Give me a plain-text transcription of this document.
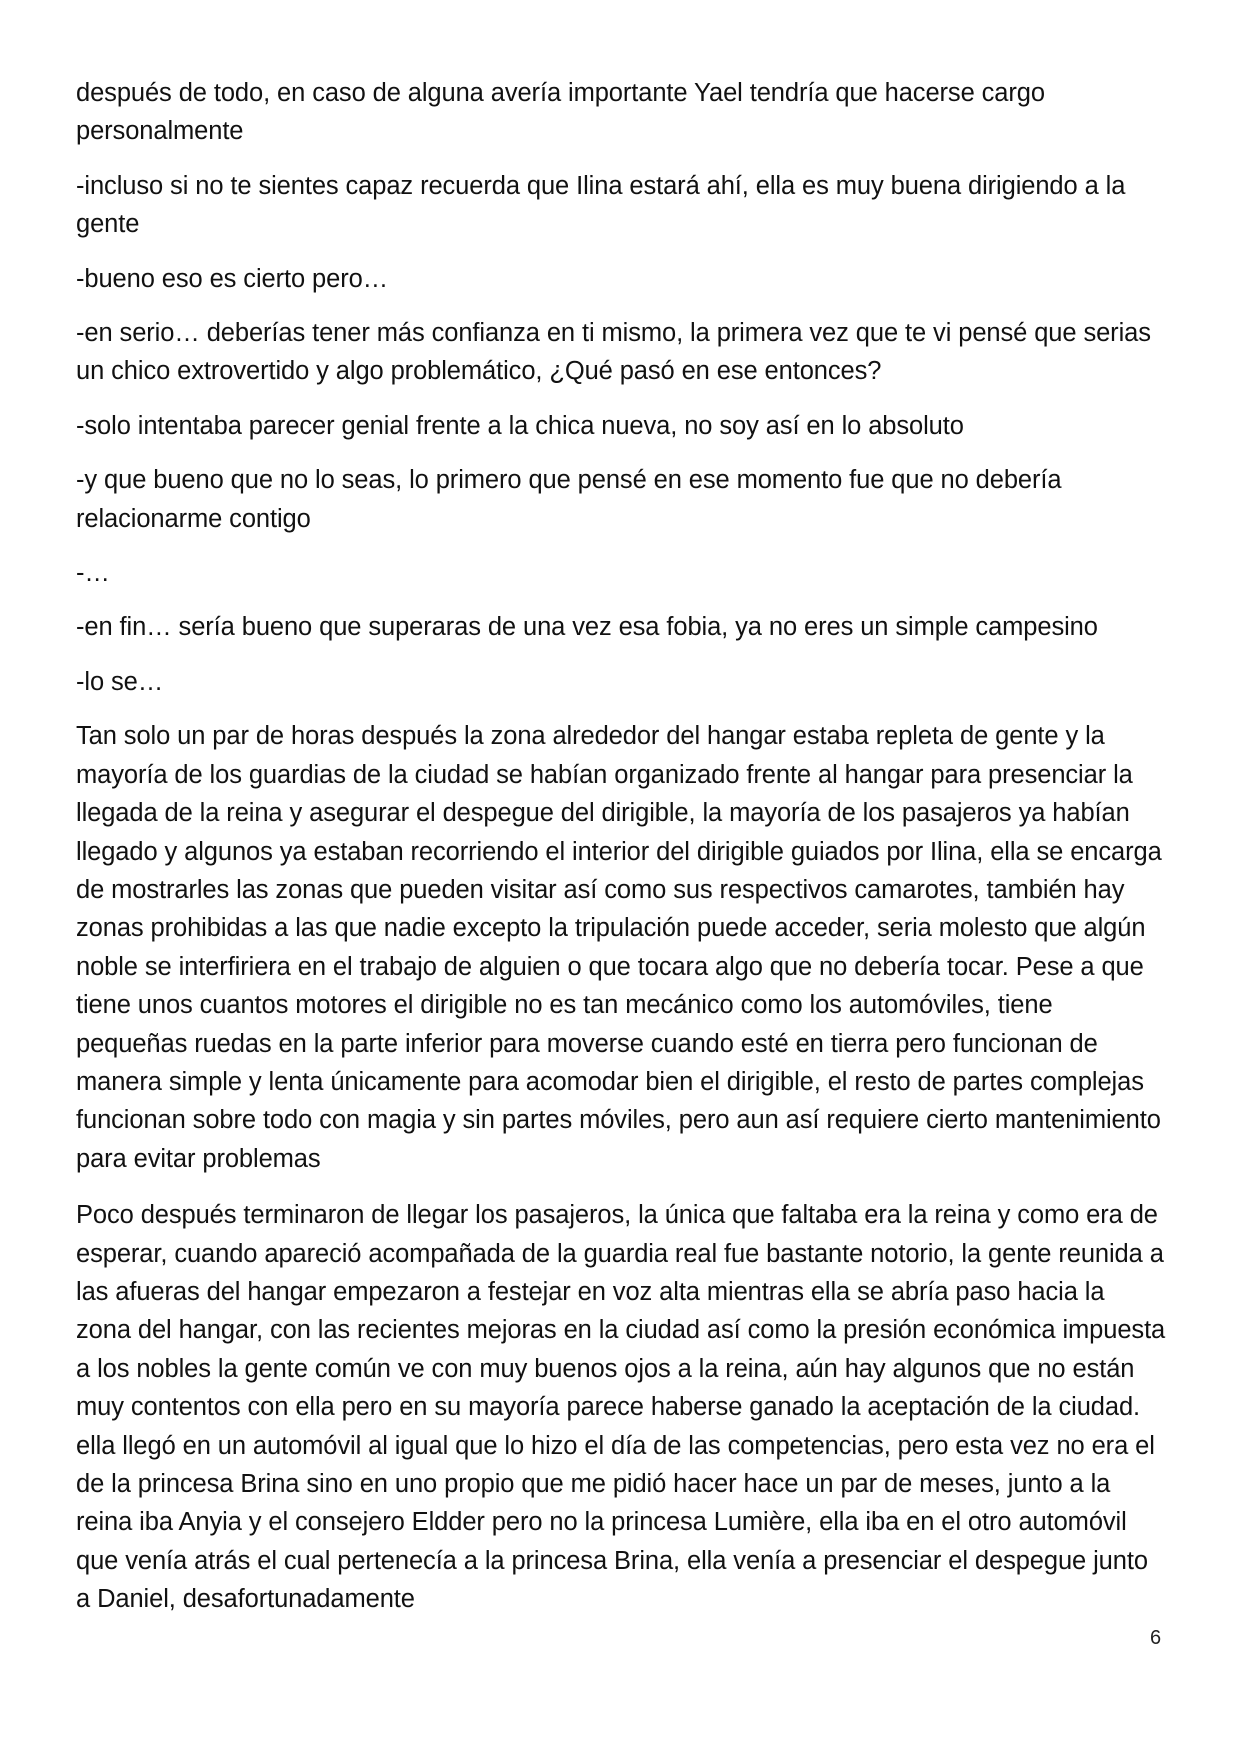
después de todo, en caso de alguna avería importante Yael tendría que hacerse cargo personalmente

-incluso si no te sientes capaz recuerda que Ilina estará ahí, ella es muy buena dirigiendo a la gente

-bueno eso es cierto pero…

-en serio… deberías tener más confianza en ti mismo, la primera vez que te vi pensé que serias un chico extrovertido y algo problemático, ¿Qué pasó en ese entonces?

-solo intentaba parecer genial frente a la chica nueva, no soy así en lo absoluto

-y que bueno que no lo seas, lo primero que pensé en ese momento fue que no debería relacionarme contigo

-…

-en fin… sería bueno que superaras de una vez esa fobia, ya no eres un simple campesino

-lo se…

Tan solo un par de horas después la zona alrededor del hangar estaba repleta de gente y la mayoría de los guardias de la ciudad se habían organizado frente al hangar para presenciar la llegada de la reina y asegurar el despegue del dirigible, la mayoría de los pasajeros ya habían llegado y algunos ya estaban recorriendo el interior del dirigible guiados por Ilina, ella se encarga de mostrarles las zonas que pueden visitar así como sus respectivos camarotes, también hay zonas prohibidas a las que nadie excepto la tripulación puede acceder, seria molesto que algún noble se interfiriera en el trabajo de alguien o que tocara algo que no debería tocar. Pese a que tiene unos cuantos motores el dirigible no es tan mecánico como los automóviles, tiene pequeñas ruedas en la parte inferior para moverse cuando esté en tierra pero funcionan de manera simple y lenta únicamente para acomodar bien el dirigible, el resto de partes complejas funcionan sobre todo con magia y sin partes móviles, pero aun así requiere cierto mantenimiento para evitar problemas

Poco después terminaron de llegar los pasajeros, la única que faltaba era la reina y como era de esperar, cuando apareció acompañada de la guardia real fue bastante notorio, la gente reunida a las afueras del hangar empezaron a festejar en voz alta mientras ella se abría paso hacia la zona del hangar, con las recientes mejoras en la ciudad así como la presión económica impuesta a los nobles la gente común ve con muy buenos ojos a la reina, aún hay algunos que no están muy contentos con ella pero en su mayoría parece haberse ganado la aceptación de la ciudad. ella llegó en un automóvil al igual que lo hizo el día de las competencias, pero esta vez no era el de la princesa Brina sino en uno propio que me pidió hacer hace un par de meses, junto a la reina iba Anyia y el consejero Eldder pero no la princesa Lumière, ella iba en el otro automóvil que venía atrás el cual pertenecía a la princesa Brina, ella venía a presenciar el despegue junto a Daniel, desafortunadamente

6
